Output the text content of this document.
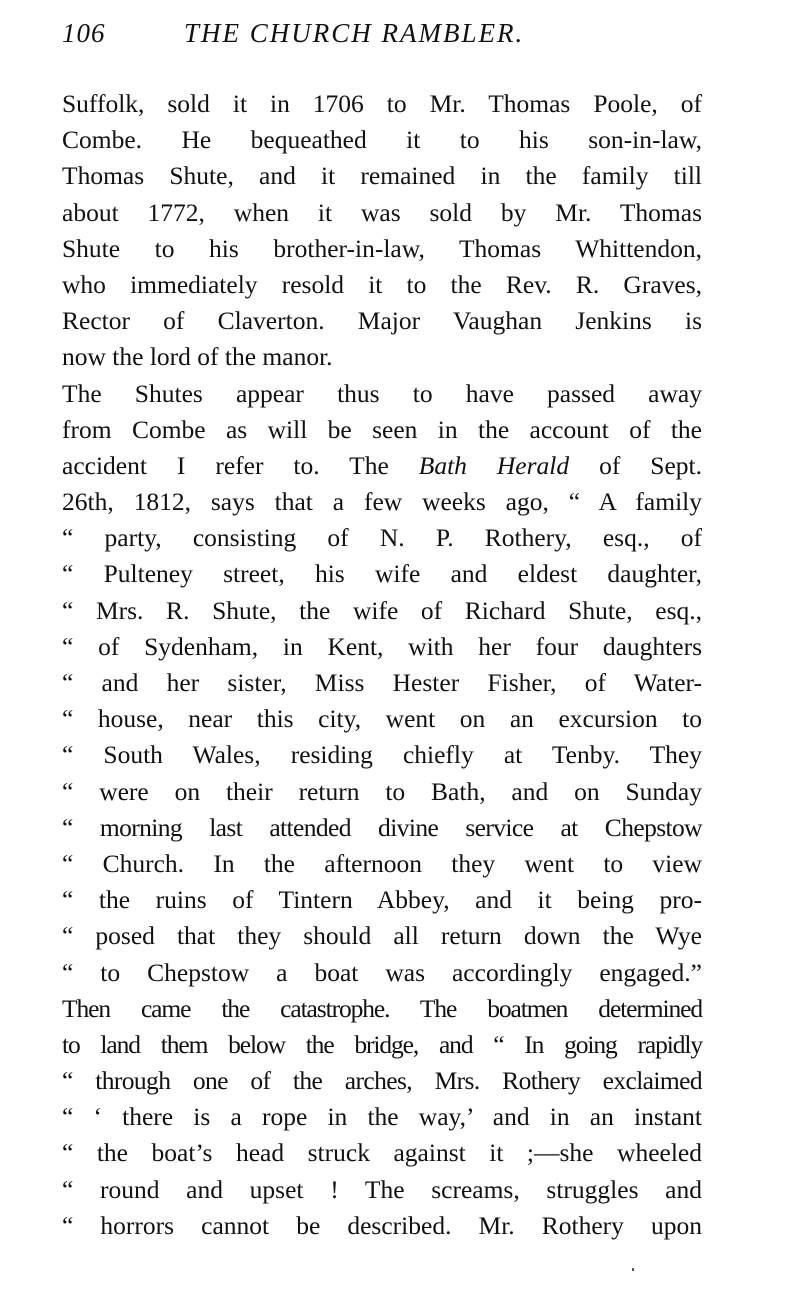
106	THE CHURCH RAMBLER.
Suffolk, sold it in 1706 to Mr. Thomas Poole, of
Combe. He bequeathed it to his son-in-law,
Thomas Shute, and it remained in the family till
about 1772, when it was sold by Mr. Thomas
Shute to his brother-in-law, Thomas Whittendon,
who immediately resold it to the Rev. R. Graves,
Rector of Claverton. Major Vaughan Jenkins is
now the lord of the manor.
The Shutes appear thus to have passed away
from Combe as will be seen in the account of the
accident I refer to. The Bath Herald of Sept.
26th, 1812, says that a few weeks ago, “ A family
“ party, consisting of N. P. Rothery, esq., of
“ Pulteney street, his wife and eldest daughter,
“ Mrs. R. Shute, the wife of Richard Shute, esq.,
“ of Sydenham, in Kent, with her four daughters
“ and her sister, Miss Hester Fisher, of Water-
“ house, near this city, went on an excursion to
“ South Wales, residing chiefly at Tenby. They
“ were on their return to Bath, and on Sunday
“ morning last attended divine service at Chepstow
“ Church. In the afternoon they went to view
“ the ruins of Tintern Abbey, and it being pro-
“ posed that they should all return down the Wye
“ to Chepstow a boat was accordingly engaged.”
Then came the catastrophe. The boatmen determined
to land them below the bridge, and “ In going rapidly
“ through one of the arches, Mrs. Rothery exclaimed
“ ‘ there is a rope in the way,’ and in an instant
“ the boat’s head struck against it ;—she wheeled
“ round and upset ! The screams, struggles and
“ horrors cannot be described. Mr. Rothery upon
